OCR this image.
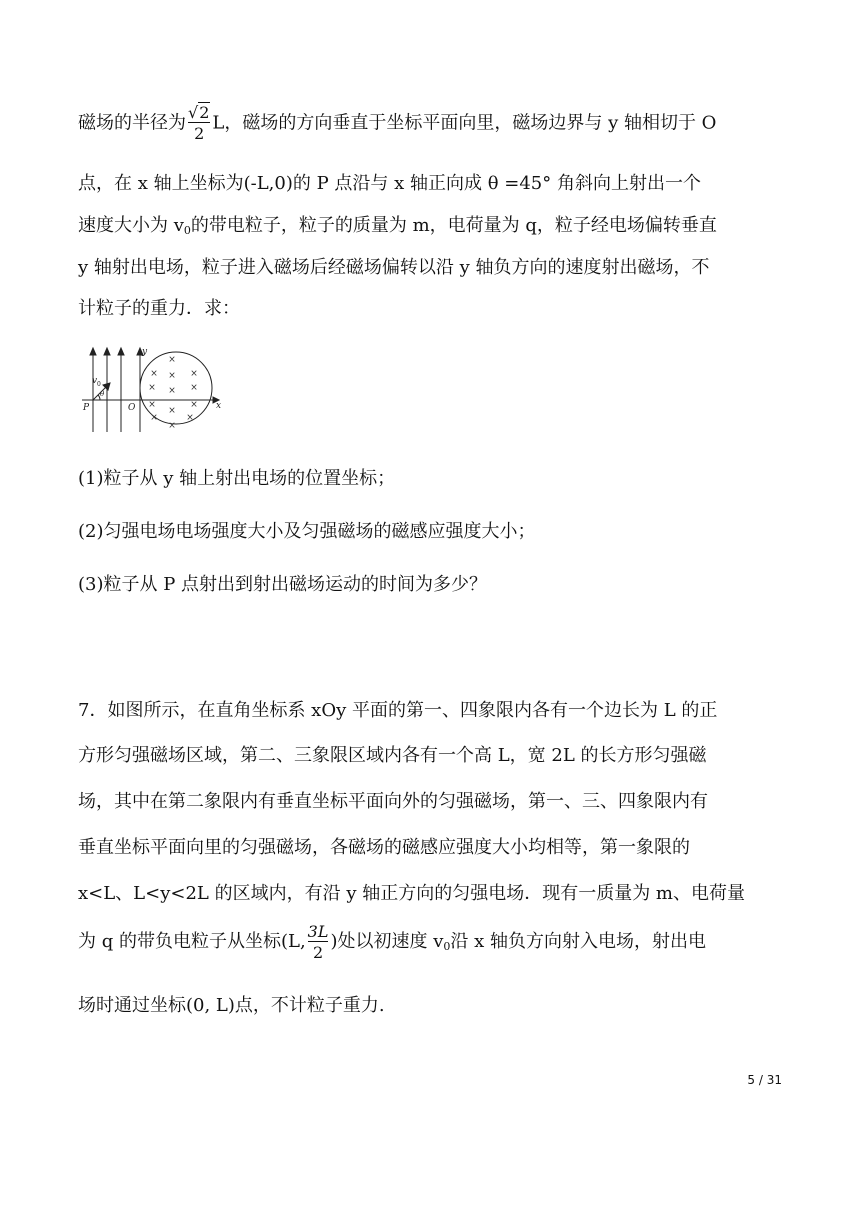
磁场的半径为 $\frac{√2}{2}$ L，磁场的方向垂直于坐标平面向里，磁场边界与 y 轴相切于 O
点，在 x 轴上坐标为(-L,0)的 P 点沿与 x 轴正向成 θ =45° 角斜向上射出一个
速度大小为 $v_0$的带电粒子，粒子的质量为 m，电荷量为 q，粒子经电场偏转垂直
y 轴射出电场，粒子进入磁场后经磁场偏转以沿 y 轴负方向的速度射出磁场，不
计粒子的重力．求：
×
× × ×
× × ×
×
×
×
×
×
×
y
x
P	O
v 0
θ
(1)粒子从 y 轴上射出电场的位置坐标；
(2)匀强电场电场强度大小及匀强磁场的磁感应强度大小；
(3)粒子从 P 点射出到射出磁场运动的时间为多少？
7．如图所示，在直角坐标系 xOy 平面的第一、四象限内各有一个边长为 L 的正
方形匀强磁场区域，第二、三象限区域内各有一个高 L，宽 2L 的长方形匀强磁
场，其中在第二象限内有垂直坐标平面向外的匀强磁场，第一、三、四象限内有
垂直坐标平面向里的匀强磁场，各磁场的磁感应强度大小均相等，第一象限的
x<L、L<y<2L 的区域内，有沿 y 轴正方向的匀强电场．现有一质量为 m、电荷量
为 q 的带负电粒子从坐标(L, $\frac{3L}{2}$ )处以初速度 $v_0$沿 x 轴负方向射入电场，射出电
场时通过坐标(0, L)点，不计粒子重力.
5 / 31
